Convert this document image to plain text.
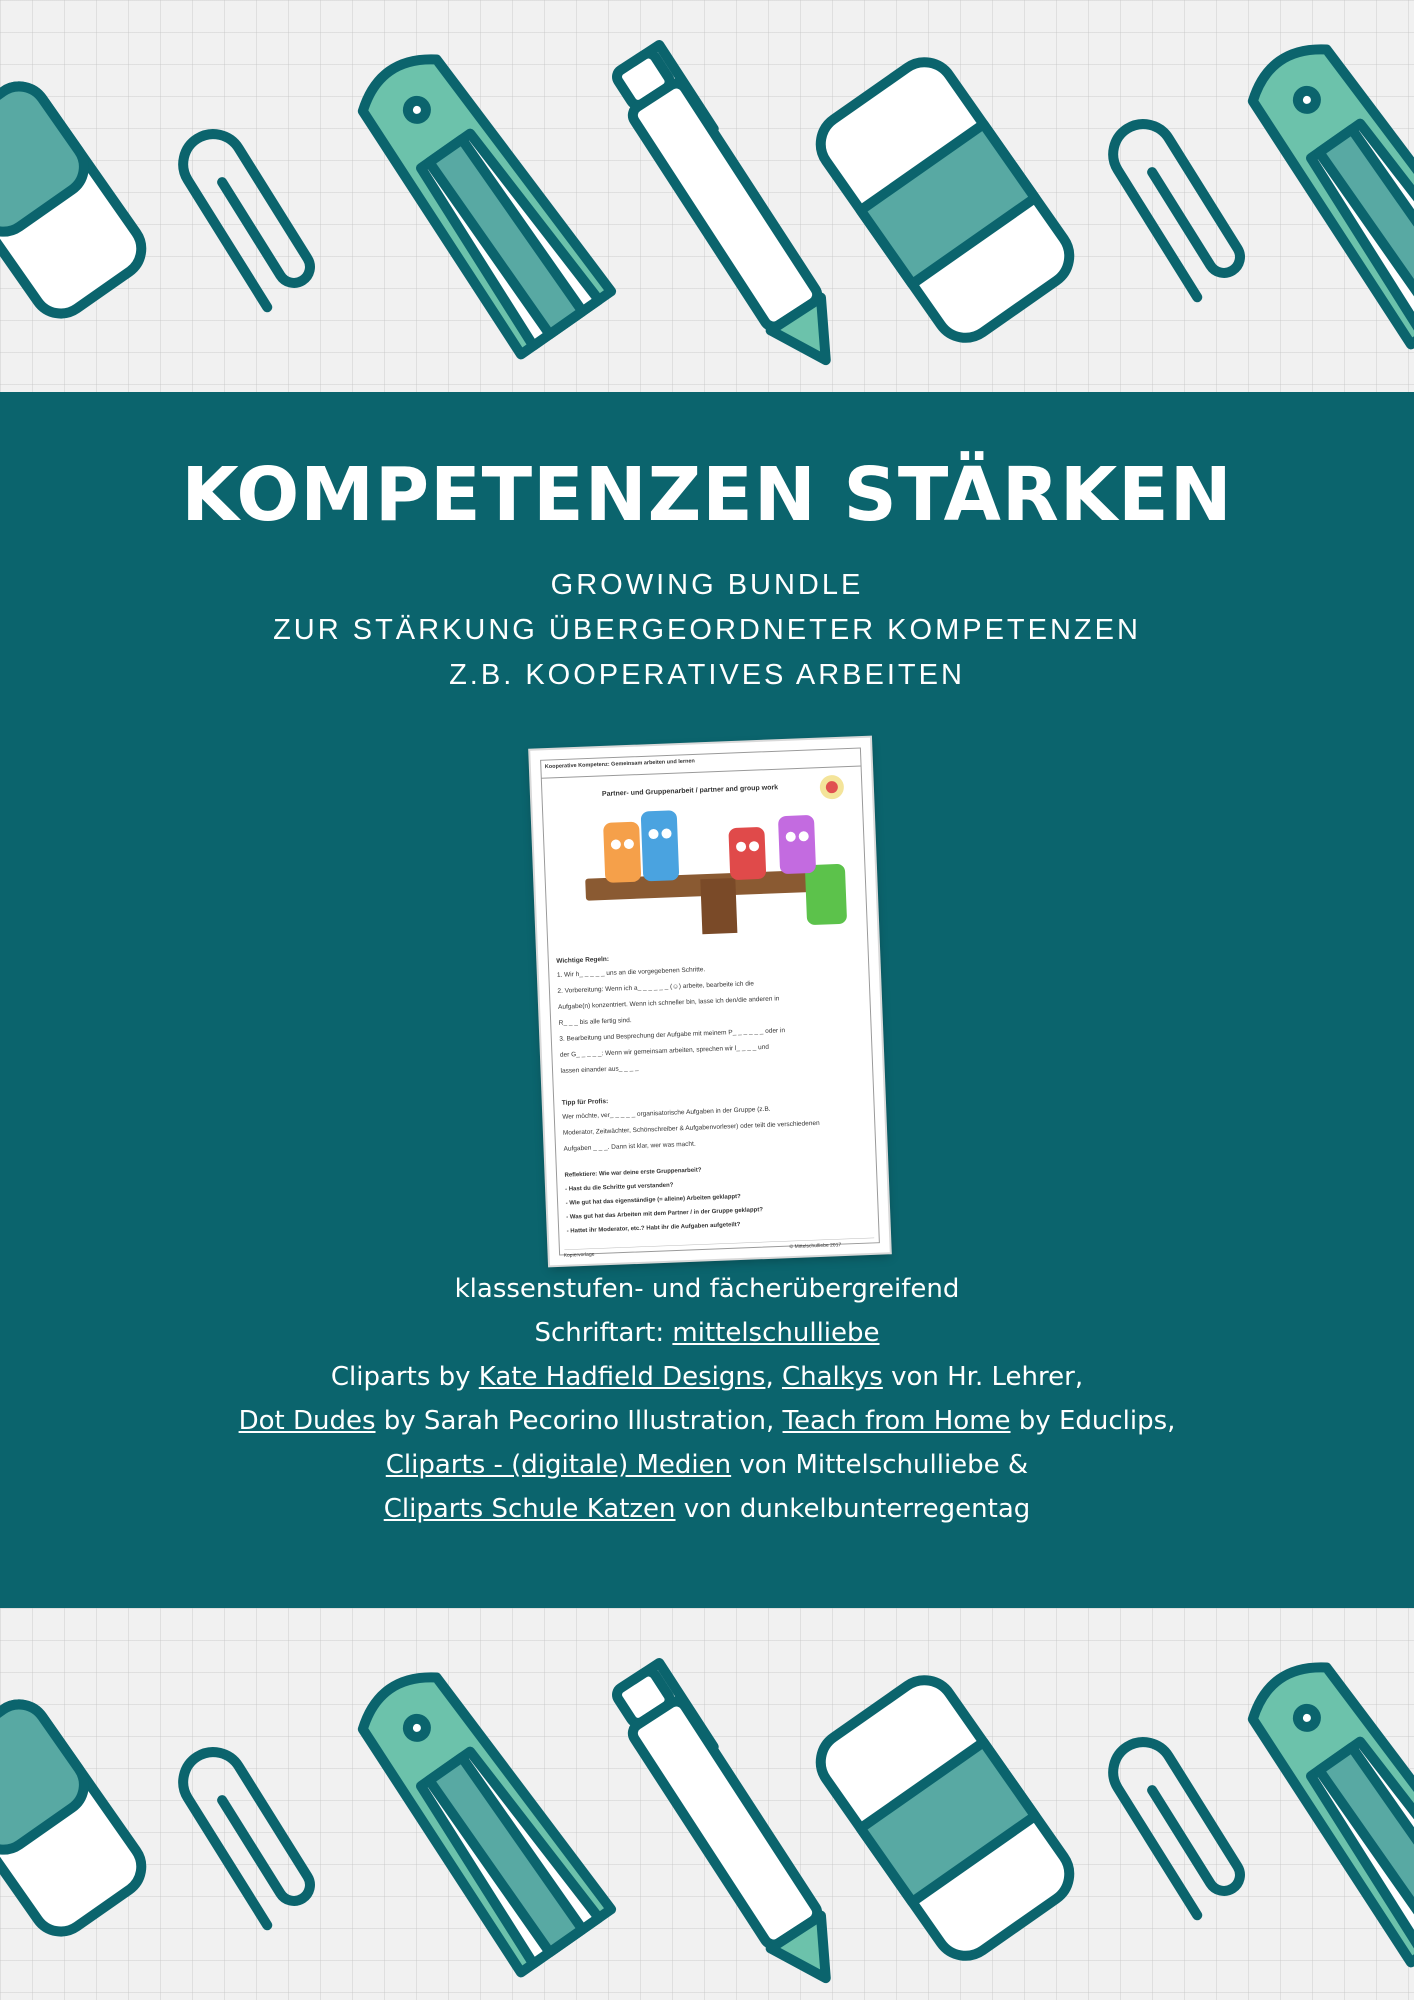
KOMPETENZEN STÄRKEN
GROWING BUNDLE
ZUR STÄRKUNG ÜBERGEORDNETER KOMPETENZEN
Z.B. KOOPERATIVES ARBEITEN
Kooperative Kompetenz: Gemeinsam arbeiten und lernen
Partner- und Gruppenarbeit / partner and group work
Wichtige Regeln:
1. Wir h_ _ _ _ _ uns an die vorgegebenen Schritte.
2. Vorbereitung: Wenn ich a_ _ _ _ _ _ (☺) arbeite, bearbeite ich die
Aufgabe(n) konzentriert. Wenn ich schneller bin, lasse ich den/die anderen in
R_ _ _ bis alle fertig sind.
3. Bearbeitung und Besprechung der Aufgabe mit meinem P_ _ _ _ _ _ oder in
der G_ _ _ _ _: Wenn wir gemeinsam arbeiten, sprechen wir l_ _ _ _ und
lassen einander aus_ _ _ _
Tipp für Profis:
Wer möchte, ver_ _ _ _ _ organisatorische Aufgaben in der Gruppe (z.B.
Moderator, Zeitwächter, Schönschreiber & Aufgabenvorleser) oder teilt die verschiedenen
Aufgaben _ _ _. Dann ist klar, wer was macht.
Reflektiere: Wie war deine erste Gruppenarbeit?
- Hast du die Schritte gut verstanden?
- Wie gut hat das eigenständige (= alleine) Arbeiten geklappt?
- Was gut hat das Arbeiten mit dem Partner / in der Gruppe geklappt?
- Hattet ihr Moderator, etc.? Habt ihr die Aufgaben aufgeteilt?
Kopiervorlage
© Mittelschulliebe 2017
klassenstufen- und fächerübergreifend
Schriftart: mittelschulliebe
Cliparts by Kate Hadfield Designs, Chalkys von Hr. Lehrer,
Dot Dudes by Sarah Pecorino Illustration, Teach from Home by Educlips,
Cliparts - (digitale) Medien von Mittelschulliebe &
Cliparts Schule Katzen von dunkelbunterregentag
